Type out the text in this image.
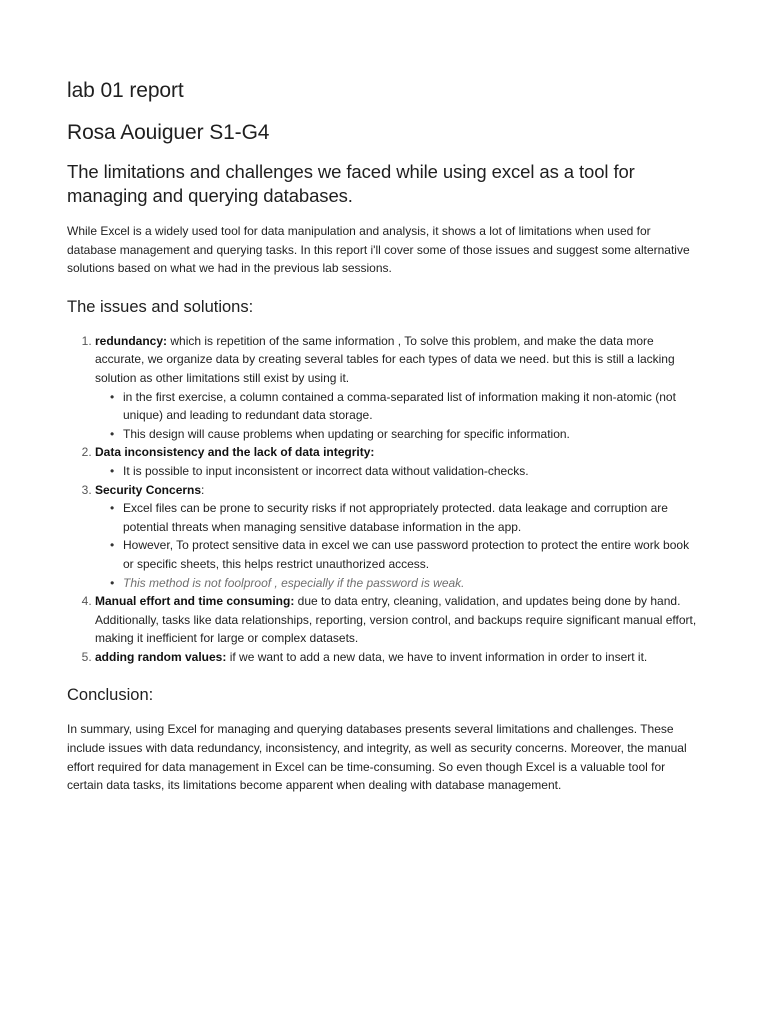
lab 01 report
Rosa Aouiguer S1-G4
The limitations and challenges we faced while using excel as a tool for managing and querying databases.

While Excel is a widely used tool for data manipulation and analysis, it shows a lot of limitations when used for database management and querying tasks. In this report i'll cover some of those issues and suggest some alternative solutions based on what we had in the previous lab sessions.

The issues and solutions:
1. redundancy: which is repetition of the same information , To solve this problem, and make the data more accurate, we organize data by creating several tables for each types of data we need. but this is still a lacking solution as other limitations still exist by using it.
• in the first exercise, a column contained a comma-separated list of information making it non-atomic (not unique) and leading to redundant data storage.
• This design will cause problems when updating or searching for specific information.
2. Data inconsistency and the lack of data integrity:
• It is possible to input inconsistent or incorrect data without validation-checks.
3. Security Concerns:
• Excel files can be prone to security risks if not appropriately protected. data leakage and corruption are potential threats when managing sensitive database information in the app.
• However, To protect sensitive data in excel we can use password protection to protect the entire work book or specific sheets, this helps restrict unauthorized access.
• This method is not foolproof , especially if the password is weak.
4. Manual effort and time consuming: due to data entry, cleaning, validation, and updates being done by hand. Additionally, tasks like data relationships, reporting, version control, and backups require significant manual effort, making it inefficient for large or complex datasets.
5. adding random values: if we want to add a new data, we have to invent information in order to insert it.
Conclusion:

In summary, using Excel for managing and querying databases presents several limitations and challenges. These include issues with data redundancy, inconsistency, and integrity, as well as security concerns. Moreover, the manual effort required for data management in Excel can be time-consuming. So even though Excel is a valuable tool for certain data tasks, its limitations become apparent when dealing with database management.
